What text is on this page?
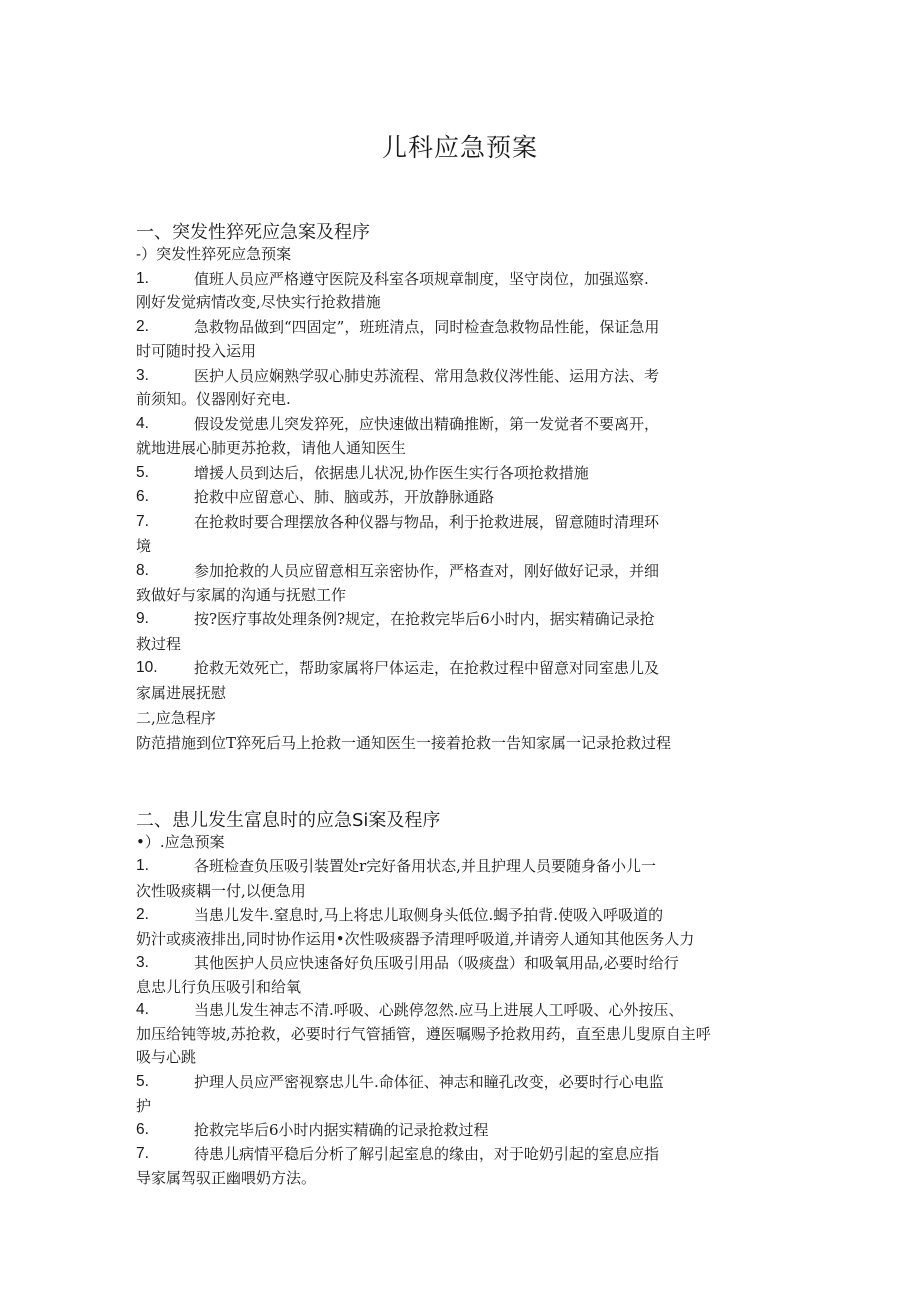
儿科应急预案
一、突发性猝死应急案及程序
-）突发性猝死应急预案
1.	值班人员应严格遵守医院及科室各项规章制度，坚守岗位，加强巡察.
刚好发觉病情改变,尽快实行抢救措施
2.	急救物品做到“四固定”，班班清点，同时检查急救物品性能，保证急用
时可随时投入运用
3.	医护人员应娴熟学驭心肺史苏流程、常用急救仪涔性能、运用方法、考
前须知。仪器刚好充电.
4.	假设发觉患儿突发猝死，应快速做出精确推断，第一发觉者不要离开，
就地进展心肺更苏抢救，请他人通知医生
5.	增援人员到达后，依据患儿状况,协作医生实行各项抢救措施
6.	抢救中应留意心、肺、脑或苏，开放静脉通路
7.	在抢救时要合理摆放各种仪器与物品，利于抢救进展，留意随时清理环
境
8.	参加抢救的人员应留意相互亲密协作，严格查对，刚好做好记录，并细
致做好与家属的沟通与抚慰工作
9.	按?医疗事故处理条例?规定，在抢救完毕后6小时内，据实精确记录抢
救过程
10. 抢救无效死亡，帮助家属将尸体运走，在抢救过程中留意对同室患儿及
家属进展抚慰
二,应急程序
防范措施到位T猝死后马上抢救一通知医生一接着抢救一告知家属一记录抢救过程
二、患儿发生富息时的应急Si案及程序
•）.应急预案
1.	各班检查负压吸引装置处r完好备用状态,并且护理人员要随身备小儿一
次性吸痰耦一付,以便急用
2.	当患儿发牛.窒息时,马上将忠儿取侧身头低位.蝎予拍背.使吸入呼吸道的
奶汁或痰液排出,同时协作运用•次性吸痰器予清理呼吸道,并请旁人通知其他医务人力
3.	其他医护人员应快速备好负压吸引用品（吸痰盘）和吸氧用品,必要时给行
息忠儿行负压吸引和给氧
4.	当患儿发生神志不清.呼吸、心跳停忽然.应马上进展人工呼吸、心外按压、
加压给钝等坡,苏抢救，必要时行气管插管，遵医嘱赐予抢救用药，直至患儿叟原自主呼
吸与心跳
5.	护理人员应严密视察忠儿牛.命体征、神志和瞳孔改变，必要时行心电监
护
6.	抢救完毕后6小时内据实精确的记录抢救过程
7.	待患儿病情平稳后分析了解引起室息的缘由，对于呛奶引起的室息应指
导家属驾驭正幽喂奶方法。
